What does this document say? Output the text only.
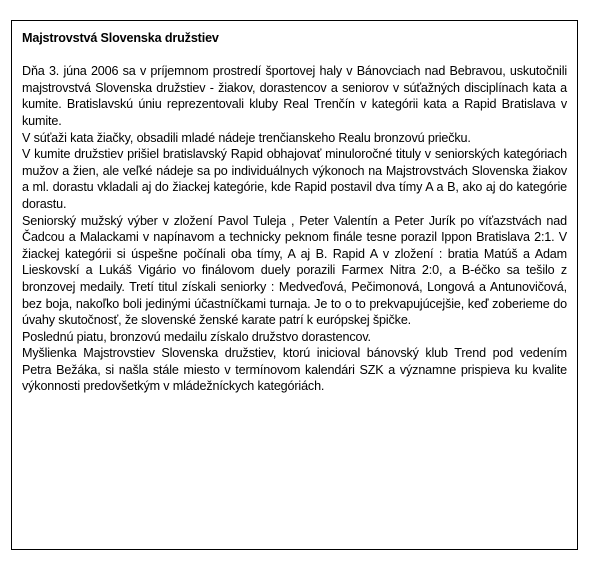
Majstrovstvá Slovenska družstiev

Dňa 3. júna 2006 sa v príjemnom prostredí športovej haly v Bánovciach nad Bebravou, uskutočnili majstrovstvá Slovenska družstiev - žiakov, dorastencov a seniorov v súťažných disciplínach kata a kumite. Bratislavskú úniu reprezentovali kluby Real Trenčín v kategórii kata a Rapid Bratislava v kumite.

V súťaži kata žiačky, obsadili mladé nádeje trenčianskeho Realu bronzovú priečku.

V kumite družstiev prišiel bratislavský Rapid obhajovať minuloročné tituly v seniorských kategóriach mužov a žien, ale veľké nádeje sa po individuálnych výkonoch na Majstrovstvách Slovenska žiakov a ml. dorastu vkladali aj do žiackej kategórie, kde Rapid postavil dva tímy A a B, ako aj do kategórie dorastu.

Seniorský mužský výber v zložení Pavol Tuleja , Peter Valentín a Peter Jurík po víťazstvách nad Čadcou a Malackami v napínavom a technicky peknom finále tesne porazil Ippon Bratislava 2:1. V žiackej kategórii si úspešne počínali oba tímy, A aj B. Rapid A v zložení : bratia Matúš a Adam Lieskovskí a Lukáš Vigário vo finálovom duely porazili Farmex Nitra 2:0, a B-éčko sa tešilo z bronzovej medaily. Tretí titul získali seniorky : Medveďová, Pečimonová, Longová a Antunovičová, bez boja, nakoľko boli jedinými účastníčkami turnaja. Je to o to prekvapujúcejšie, keď zoberieme do úvahy skutočnosť, že slovenské ženské karate patrí k európskej špičke.

Poslednú piatu, bronzovú medailu získalo družstvo dorastencov.

Myšlienka Majstrovstiev Slovenska družstiev, ktorú inicioval bánovský klub Trend pod vedením Petra Bežáka, si našla stále miesto v termínovom kalendári SZK a významne prispieva ku kvalite výkonnosti predovšetkým v mládežníckych kategóriách.
